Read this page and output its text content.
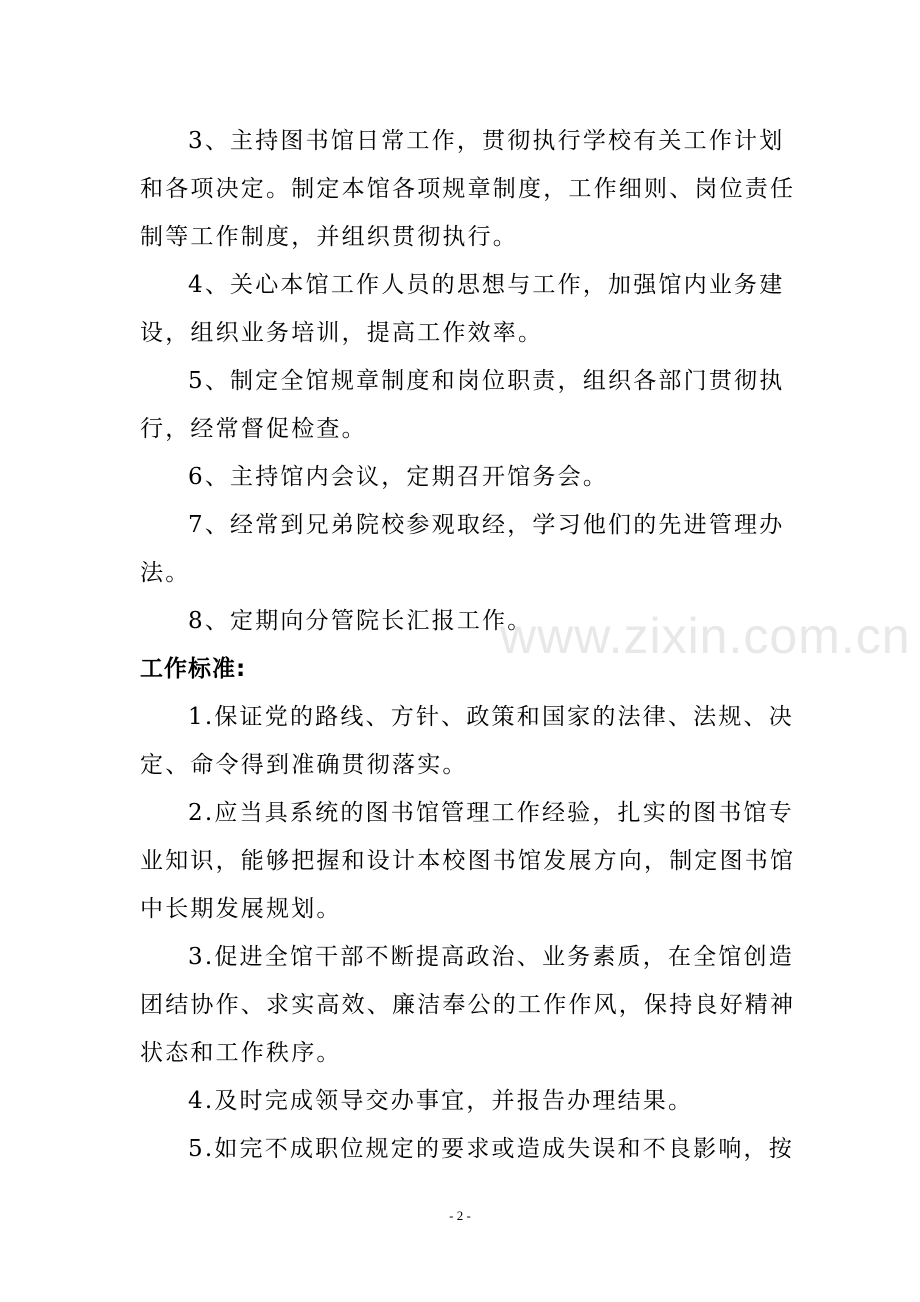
www.zixin.com.cn
3、主持图书馆日常工作，贯彻执行学校有关工作计划
和各项决定。制定本馆各项规章制度，工作细则、岗位责任
制等工作制度，并组织贯彻执行。
4、关心本馆工作人员的思想与工作，加强馆内业务建
设，组织业务培训，提高工作效率。
5、制定全馆规章制度和岗位职责，组织各部门贯彻执
行，经常督促检查。
6、主持馆内会议，定期召开馆务会。
7、经常到兄弟院校参观取经，学习他们的先进管理办
法。
8、定期向分管院长汇报工作。
工作标准:
1.保证党的路线、方针、政策和国家的法律、法规、决
定、命令得到准确贯彻落实。
2.应当具系统的图书馆管理工作经验，扎实的图书馆专
业知识，能够把握和设计本校图书馆发展方向，制定图书馆
中长期发展规划。
3.促进全馆干部不断提高政治、业务素质，在全馆创造
团结协作、求实高效、廉洁奉公的工作作风，保持良好精神
状态和工作秩序。
4.及时完成领导交办事宜，并报告办理结果。
5.如完不成职位规定的要求或造成失误和不良影响，按
- 2 -
